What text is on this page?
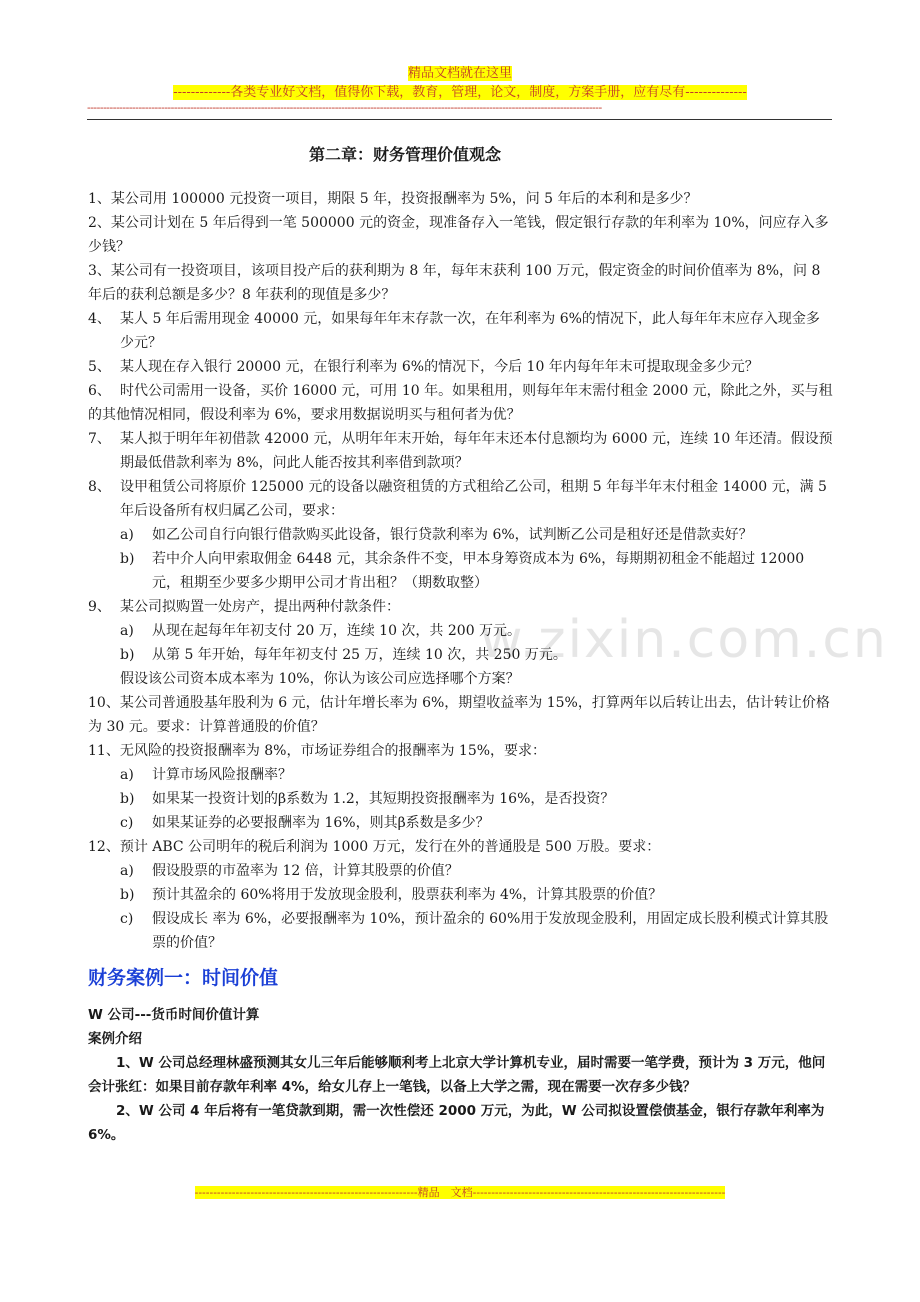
w.zixin.com.cn
精品文档就在这里
-------------各类专业好文档，值得你下载，教育，管理，论文，制度，方案手册，应有尽有--------------
----------------------------------------------------------------------------------------------------------------------------------------------------------------
第二章：财务管理价值观念

1、某公司用 100000 元投资一项目，期限 5 年，投资报酬率为 5%，问 5 年后的本利和是多少？

2、某公司计划在 5 年后得到一笔 500000 元的资金，现准备存入一笔钱，假定银行存款的年利率为 10%，问应存入多少钱？

3、某公司有一投资项目，该项目投产后的获利期为 8 年，每年末获利 100 万元，假定资金的时间价值率为 8%，问 8 年后的获利总额是多少？8 年获利的现值是多少？

4、 某人 5 年后需用现金 40000 元，如果每年年末存款一次，在年利率为 6%的情况下，此人每年年末应存入现金多少元？

5、 某人现在存入银行 20000 元，在银行利率为 6%的情况下，今后 10 年内每年年末可提取现金多少元？

6、 时代公司需用一设备，买价 16000 元，可用 10 年。如果租用，则每年年末需付租金 2000 元，除此之外，买与租的其他情况相同，假设利率为 6%，要求用数据说明买与租何者为优？

7、 某人拟于明年年初借款 42000 元，从明年年末开始，每年年末还本付息额均为 6000 元，连续 10 年还清。假设预期最低借款利率为 8%，问此人能否按其利率借到款项？

8、 设甲租赁公司将原价 125000 元的设备以融资租赁的方式租给乙公司，租期 5 年每半年末付租金 14000 元，满 5 年后设备所有权归属乙公司，要求：

a) 如乙公司自行向银行借款购买此设备，银行贷款利率为 6%，试判断乙公司是租好还是借款卖好？

b) 若中介人向甲索取佣金 6448 元，其余条件不变，甲本身筹资成本为 6%，每期期初租金不能超过 12000 元，租期至少要多少期甲公司才肯出租？（期数取整）

9、 某公司拟购置一处房产，提出两种付款条件：

a) 从现在起每年年初支付 20 万，连续 10 次，共 200 万元。

b) 从第 5 年开始，每年年初支付 25 万，连续 10 次，共 250 万元。

假设该公司资本成本率为 10%，你认为该公司应选择哪个方案？

10、某公司普通股基年股利为 6 元，估计年增长率为 6%，期望收益率为 15%，打算两年以后转让出去，估计转让价格为 30 元。要求：计算普通股的价值？

11、无风险的投资报酬率为 8%，市场证券组合的报酬率为 15%，要求：

a) 计算市场风险报酬率？

b) 如果某一投资计划的β系数为 1.2，其短期投资报酬率为 16%，是否投资？

c) 如果某证券的必要报酬率为 16%，则其β系数是多少？

12、预计 ABC 公司明年的税后利润为 1000 万元，发行在外的普通股是 500 万股。要求：

a) 假设股票的市盈率为 12 倍，计算其股票的价值？

b) 预计其盈余的 60%将用于发放现金股利，股票获利率为 4%，计算其股票的价值？

c) 假设成长 率为 6%，必要报酬率为 10%，预计盈余的 60%用于发放现金股利，用固定成长股利模式计算其股票的价值？

财务案例一：时间价值

W 公司---货币时间价值计算

案例介绍

1、W 公司总经理林盛预测其女儿三年后能够顺利考上北京大学计算机专业，届时需要一笔学费，预计为 3 万元，他问会计张红：如果目前存款年利率 4%，给女儿存上一笔钱，以备上大学之需，现在需要一次存多少钱？

2、W 公司 4 年后将有一笔贷款到期，需一次性偿还 2000 万元，为此，W 公司拟设置偿债基金，银行存款年利率为 6%。

------------------------------------------------------------精品　文档--------------------------------------------------------------------
